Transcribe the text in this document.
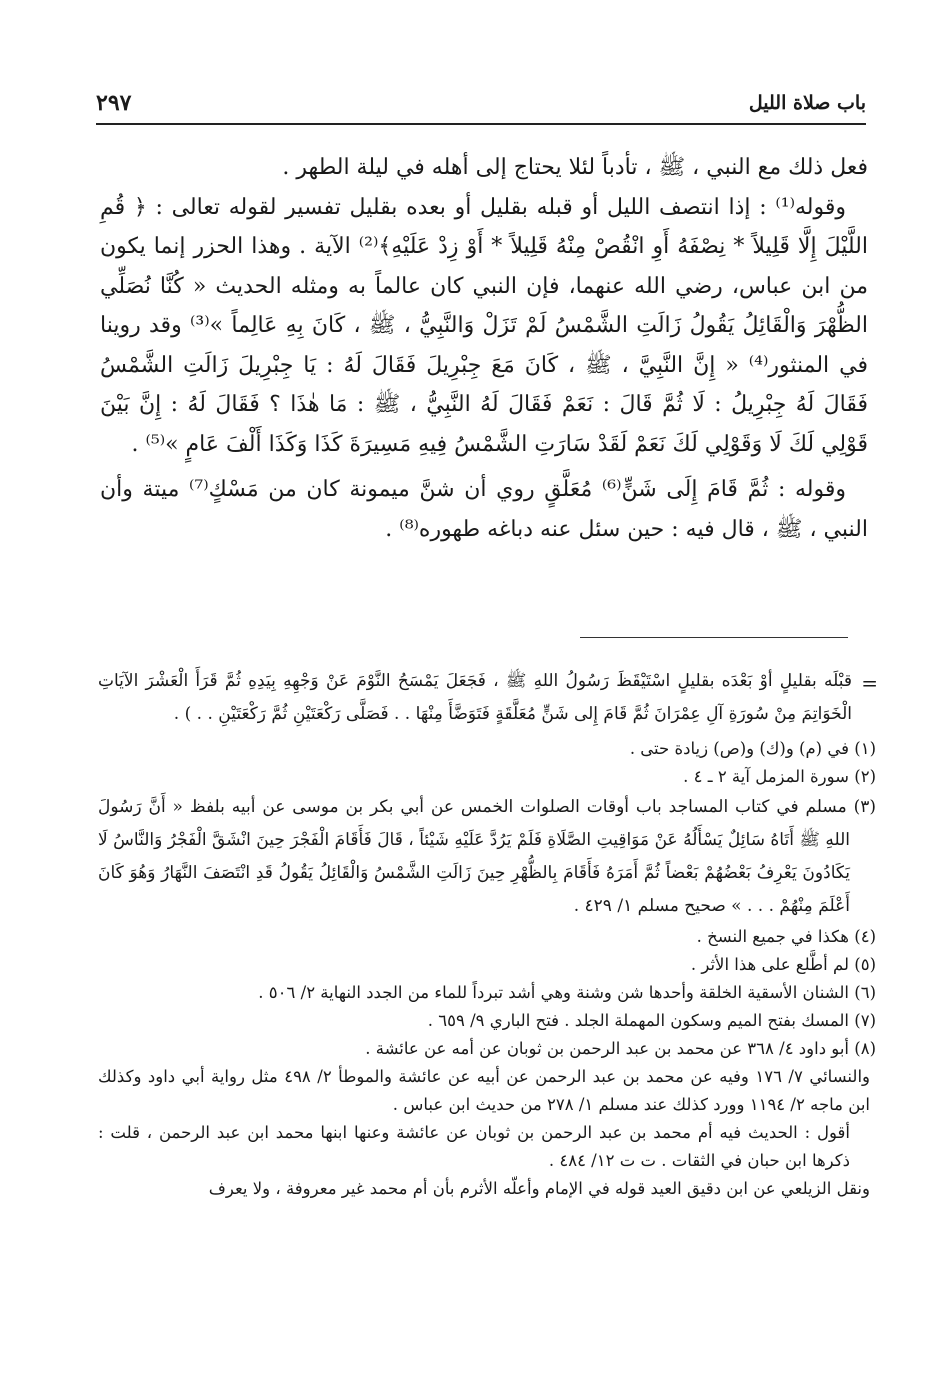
باب صلاة الليل
٢٩٧

فعل ذلك مع النبي ، ﷺ ، تأدباً لئلا يحتاج إلى أهله في ليلة الطهر .

وقوله⁽¹⁾ : إذا انتصف الليل أو قبله بقليل أو بعده بقليل تفسير لقوله تعالى : ﴿ قُمِ اللَّيْلَ إِلَّا قَلِيلاً * نِصْفَهُ أَوِ انْقُصْ مِنْهُ قَلِيلاً * أَوْ زِدْ عَلَيْهِ﴾⁽²⁾ الآية . وهذا الحزر إنما يكون من ابن عباس، رضي الله عنهما، فإن النبي كان عالماً به ومثله الحديث « كُنَّا نُصَلِّي الظُّهْرَ وَالْقَائِلُ يَقُولُ زَالَتِ الشَّمْسُ لَمْ تَزَلْ وَالنَّبِيُّ ، ﷺ ، كَانَ بِهِ عَالِماً »⁽³⁾ وقد روينا في المنثور⁽⁴⁾ « إِنَّ النَّبِيَّ ، ﷺ ، كَانَ مَعَ جِبْرِيلَ فَقَالَ لَهُ : يَا جِبْرِيلَ زَالَتِ الشَّمْسُ فَقَالَ لَهُ جِبْرِيلُ : لَا ثُمَّ قَالَ : نَعَمْ فَقَالَ لَهُ النَّبِيُّ ، ﷺ : مَا هٰذَا ؟ فَقَالَ لَهُ : إِنَّ بَيْنَ قَوْلِي لَكَ لَا وَقَوْلِي لَكَ نَعَمْ لَقَدْ سَارَتِ الشَّمْسُ فِيهِ مَسِيرَةَ كَذَا وَكَذَا أَلْفَ عَامٍ »⁽⁵⁾ .

وقوله : ثُمَّ قَامَ إِلَى شَنٍّ⁽⁶⁾ مُعَلَّقٍ روي أن شنَّ ميمونة كان من مَسْكٍ⁽⁷⁾ ميتة وأن النبي ، ﷺ ، قال فيه : حين سئل عنه دباغه طهوره⁽⁸⁾ .

=
قبْلَه بقليلٍ أوْ بَعْدَه بقليلٍ اسْتَيْقَظَ رَسُولُ اللهِ ﷺ ، فَجَعَلَ يَمْسَحُ النَّوْمَ عَنْ وَجْهِهِ بِيَدِهِ ثُمَّ قَرَأَ الْعَشْرَ الآيَاتِ الْخَوَاتِمَ مِنْ سُورَةِ آلِ عِمْرَانَ ثُمَّ قَامَ إِلى شَنٍّ مُعَلَّقَةٍ فَتَوَضَّأَ مِنْهَا . . فَصَلَّى رَكْعَتَيْنِ ثُمَّ رَكْعَتَيْنِ . . ) .

(١) في (م) و(ك) و(ص) زيادة حتى .

(٢) سورة المزمل آية ٢ ـ ٤ .

(٣) مسلم في كتاب المساجد باب أوقات الصلوات الخمس عن أبي بكر بن موسى عن أبيه بلفظ « أَنَّ رَسُولَ اللهِ ﷺ أَتَاهُ سَائِلٌ يَسْأَلُهُ عَنْ مَوَاقِيتِ الصَّلَاةِ فَلَمْ يَرُدَّ عَلَيْهِ شَيْئاً ، قَالَ فَأَقَامَ الْفَجْرَ حِينَ انْشَقَّ الْفَجْرُ وَالنَّاسُ لَا يَكَادُونَ يَعْرِفُ بَعْضُهُمْ بَعْضاً ثُمَّ أَمَرَهُ فَأَقَامَ بِالظُّهْرِ حِينَ زَالَتِ الشَّمْسُ وَالْقَائِلُ يَقُولُ قَدِ انْتَصَفَ النَّهَارُ وَهُوَ كَانَ أَعْلَمَ مِنْهُمْ . . . » صحيح مسلم ١/ ٤٢٩ .

(٤) هكذا في جميع النسخ .

(٥) لم أطَّلع على هذا الأثر .

(٦) الشنان الأسقية الخلقة وأحدها شن وشنة وهي أشد تبرداً للماء من الجدد النهاية ٢/ ٥٠٦ .

(٧) المسك بفتح الميم وسكون المهملة الجلد . فتح الباري ٩/ ٦٥٩ .

(٨) أبو داود ٤/ ٣٦٨ عن محمد بن عبد الرحمن بن ثوبان عن أمه عن عائشة .

والنسائي ٧/ ١٧٦ وفيه عن محمد بن عبد الرحمن عن أبيه عن عائشة والموطأ ٢/ ٤٩٨ مثل رواية أبي داود وكذلك ابن ماجه ٢/ ١١٩٤ وورد كذلك عند مسلم ١/ ٢٧٨ من حديث ابن عباس .

أقول : الحديث فيه أم محمد بن عبد الرحمن بن ثوبان عن عائشة وعنها ابنها محمد ابن عبد الرحمن ، قلت : ذكرها ابن حبان في الثقات . ت ت ١٢/ ٤٨٤ .

ونقل الزيلعي عن ابن دقيق العيد قوله في الإمام وأعلّه الأثرم بأن أم محمد غير معروفة ، ولا يعرف
